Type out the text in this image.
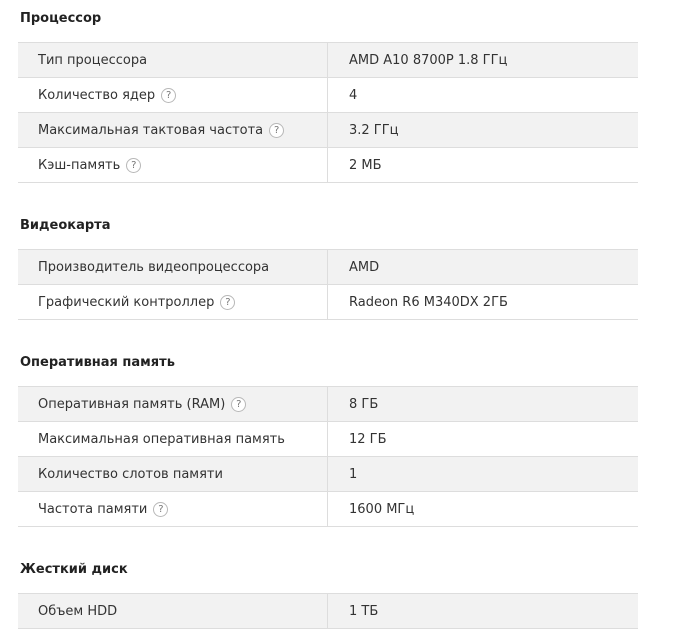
Процессор
Тип процессора	AMD A10 8700P 1.8 ГГц
Количество ядер	?	4
Максимальная тактовая частота	?	3.2 ГГц
Кэш-память	?	2 МБ
Видеокарта
Производитель видеопроцессора	AMD
Графический контроллер	?	Radeon R6 M340DX 2ГБ
Оперативная память
Оперативная память (RAM)	?	8 ГБ
Максимальная оперативная память	12 ГБ
Количество слотов памяти	1
Частота памяти	?	1600 МГц
Жесткий диск
Объем HDD	1 ТБ
